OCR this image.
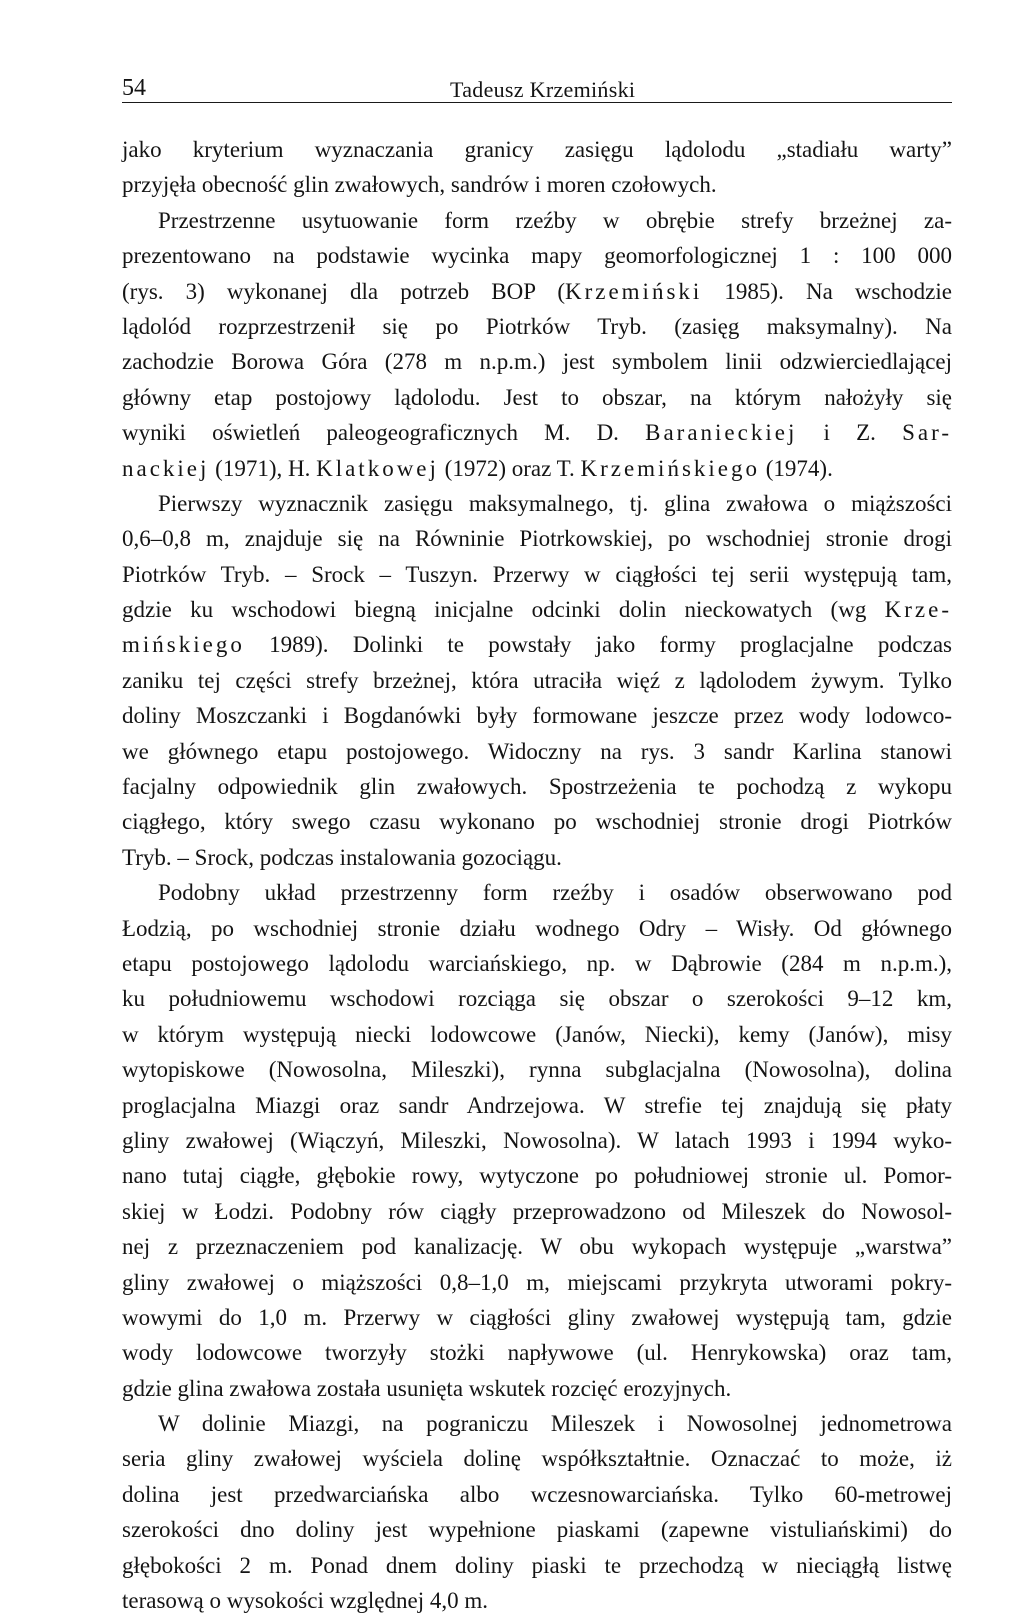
54	Tadeusz Krzemiński
jako kryterium wyznaczania granicy zasięgu lądolodu „stadiału warty”
przyjęła obecność glin zwałowych, sandrów i moren czołowych.
Przestrzenne usytuowanie form rzeźby w obrębie strefy brzeżnej za-
prezentowano na podstawie wycinka mapy geomorfologicznej 1 : 100 000
(rys. 3) wykonanej dla potrzeb BOP (Krzemiński 1985). Na wschodzie
lądolód rozprzestrzenił się po Piotrków Tryb. (zasięg maksymalny). Na
zachodzie Borowa Góra (278 m n.p.m.) jest symbolem linii odzwierciedlającej
główny etap postojowy lądolodu. Jest to obszar, na którym nałożyły się
wyniki oświetleń paleogeograficznych M. D. Baranieckiej i Z. Sar-
nackiej (1971), H. Klatkowej (1972) oraz T. Krzemińskiego (1974).
Pierwszy wyznacznik zasięgu maksymalnego, tj. glina zwałowa o miąższości
0,6–0,8 m, znajduje się na Równinie Piotrkowskiej, po wschodniej stronie drogi
Piotrków Tryb. – Srock – Tuszyn. Przerwy w ciągłości tej serii występują tam,
gdzie ku wschodowi biegną inicjalne odcinki dolin nieckowatych (wg Krze-
mińskiego 1989). Dolinki te powstały jako formy proglacjalne podczas
zaniku tej części strefy brzeżnej, która utraciła więź z lądolodem żywym. Tylko
doliny Moszczanki i Bogdanówki były formowane jeszcze przez wody lodowco-
we głównego etapu postojowego. Widoczny na rys. 3 sandr Karlina stanowi
facjalny odpowiednik glin zwałowych. Spostrzeżenia te pochodzą z wykopu
ciągłego, który swego czasu wykonano po wschodniej stronie drogi Piotrków
Tryb. – Srock, podczas instalowania gozociągu.
Podobny układ przestrzenny form rzeźby i osadów obserwowano pod
Łodzią, po wschodniej stronie działu wodnego Odry – Wisły. Od głównego
etapu postojowego lądolodu warciańskiego, np. w Dąbrowie (284 m n.p.m.),
ku południowemu wschodowi rozciąga się obszar o szerokości 9–12 km,
w którym występują niecki lodowcowe (Janów, Niecki), kemy (Janów), misy
wytopiskowe (Nowosolna, Mileszki), rynna subglacjalna (Nowosolna), dolina
proglacjalna Miazgi oraz sandr Andrzejowa. W strefie tej znajdują się płaty
gliny zwałowej (Wiączyń, Mileszki, Nowosolna). W latach 1993 i 1994 wyko-
nano tutaj ciągłe, głębokie rowy, wytyczone po południowej stronie ul. Pomor-
skiej w Łodzi. Podobny rów ciągły przeprowadzono od Mileszek do Nowosol-
nej z przeznaczeniem pod kanalizację. W obu wykopach występuje „warstwa”
gliny zwałowej o miąższości 0,8–1,0 m, miejscami przykryta utworami pokry-
wowymi do 1,0 m. Przerwy w ciągłości gliny zwałowej występują tam, gdzie
wody lodowcowe tworzyły stożki napływowe (ul. Henrykowska) oraz tam,
gdzie glina zwałowa została usunięta wskutek rozcięć erozyjnych.
W dolinie Miazgi, na pograniczu Mileszek i Nowosolnej jednometrowa
seria gliny zwałowej wyściela dolinę współkształtnie. Oznaczać to może, iż
dolina jest przedwarciańska albo wczesnowarciańska. Tylko 60-metrowej
szerokości dno doliny jest wypełnione piaskami (zapewne vistuliańskimi) do
głębokości 2 m. Ponad dnem doliny piaski te przechodzą w nieciągłą listwę
terasową o wysokości względnej 4,0 m.
